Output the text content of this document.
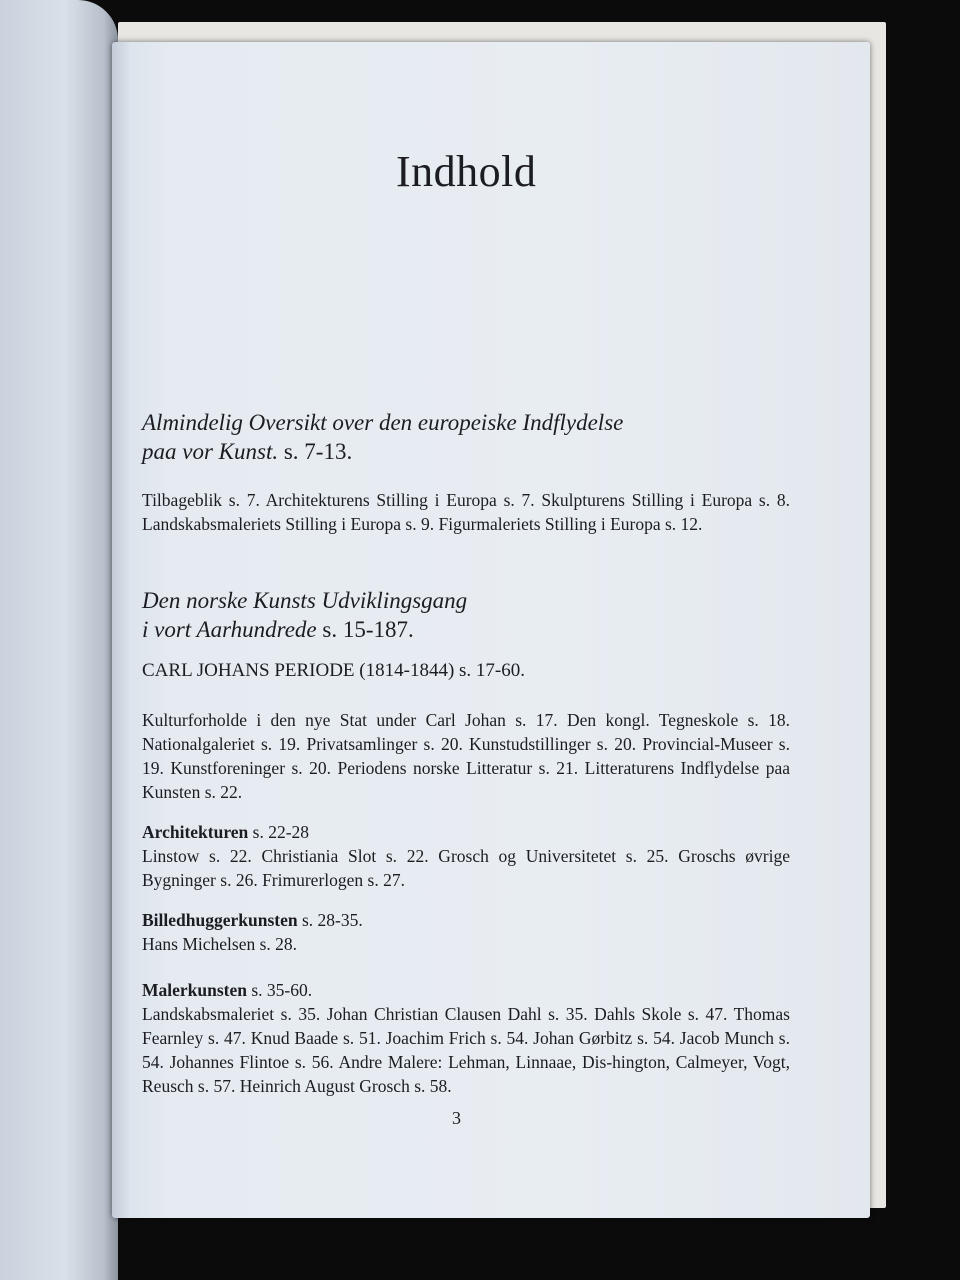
Indhold
Almindelig Oversikt over den europeiske Indflydelse
paa vor Kunst. s. 7-13.
Tilbageblik s. 7. Architekturens Stilling i Europa s. 7. Skulpturens Stilling i Europa s. 8. Landskabsmaleriets Stilling i Europa s. 9. Figurmaleriets Stilling i Europa s. 12.
Den norske Kunsts Udviklingsgang
i vort Aarhundrede s. 15-187.
CARL JOHANS PERIODE (1814-1844) s. 17-60.
Kulturforholde i den nye Stat under Carl Johan s. 17. Den kongl. Tegneskole s. 18. Nationalgaleriet s. 19. Privatsamlinger s. 20. Kunstudstillinger s. 20. Provincial-Museer s. 19. Kunstforeninger s. 20. Periodens norske Litteratur s. 21. Litteraturens Indflydelse paa Kunsten s. 22.
Architekturen s. 22-28
Linstow s. 22. Christiania Slot s. 22. Grosch og Universitetet s. 25. Groschs øvrige Bygninger s. 26. Frimurerlogen s. 27.
Billedhuggerkunsten s. 28-35.
Hans Michelsen s. 28.
Malerkunsten s. 35-60.
Landskabsmaleriet s. 35. Johan Christian Clausen Dahl s. 35. Dahls Skole s. 47. Thomas Fearnley s. 47. Knud Baade s. 51. Joachim Frich s. 54. Johan Gørbitz s. 54. Jacob Munch s. 54. Johannes Flintoe s. 56. Andre Malere: Lehman, Linnaae, Dis-hington, Calmeyer, Vogt, Reusch s. 57. Heinrich August Grosch s. 58.
3
